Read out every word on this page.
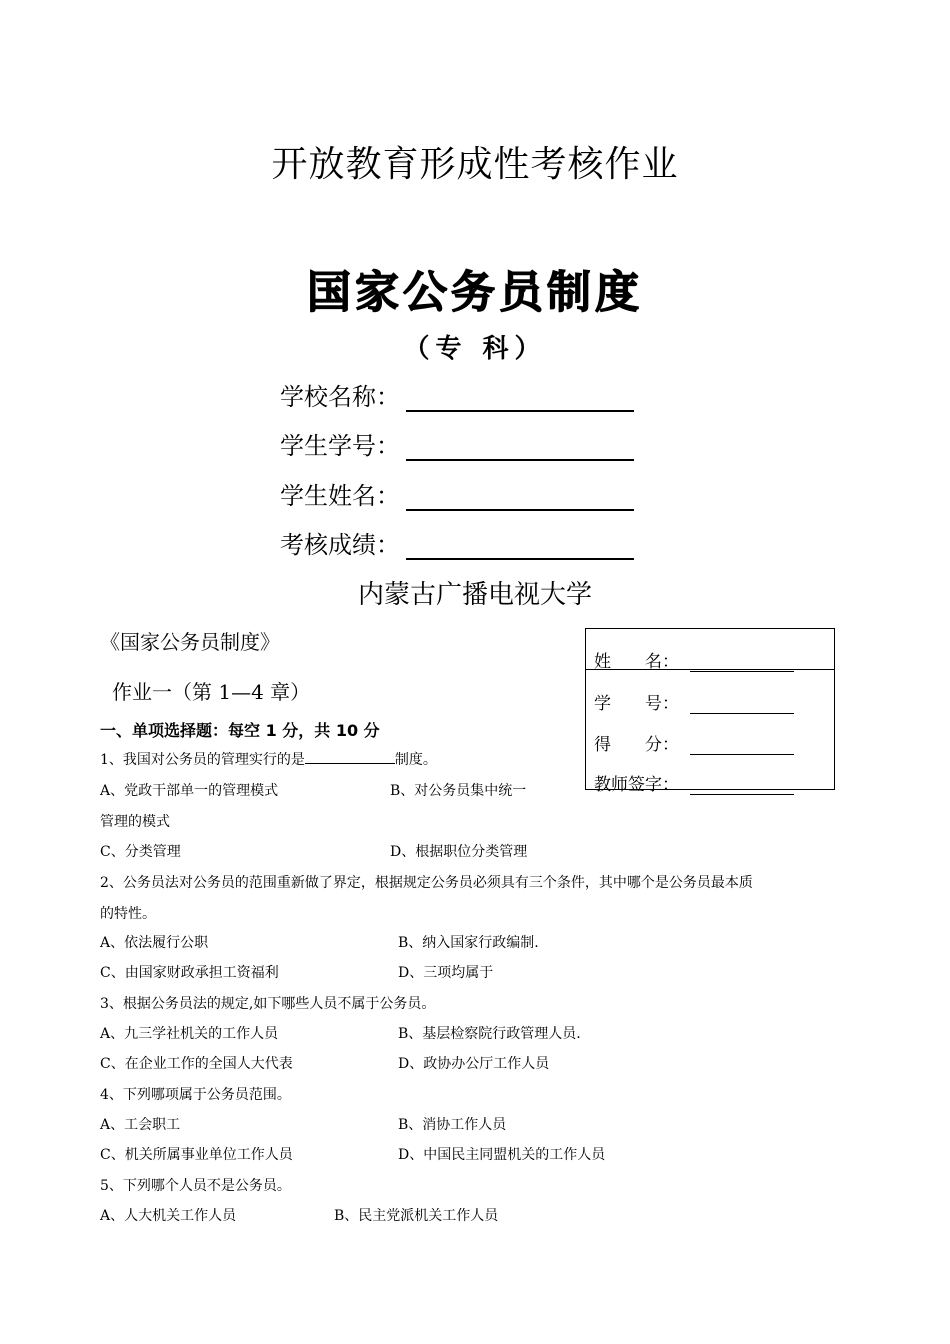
开放教育形成性考核作业
国家公务员制度
（专 科）
学校名称：
学生学号：
学生姓名：
考核成绩：
内蒙古广播电视大学
《国家公务员制度》
作业一（第 1—4 章）
姓　　名：
学　　号：
得　　分：
教师签字：
一、单项选择题：每空 1 分，共 10 分
1、我国对公务员的管理实行的是	制度。
A、党政干部单一的管理模式	B、对公务员集中统一
管理的模式
C、分类管理	D、根据职位分类管理
2、公务员法对公务员的范围重新做了界定，根据规定公务员必须具有三个条件，其中哪个是公务员最本质
的特性。
A、依法履行公职	B、纳入国家行政编制.
C、由国家财政承担工资福利	D、三项均属于
3、根据公务员法的规定,如下哪些人员不属于公务员。
A、九三学社机关的工作人员	B、基层检察院行政管理人员.
C、在企业工作的全国人大代表	D、政协办公厅工作人员
4、下列哪项属于公务员范围。
A、工会职工	B、消协工作人员
C、机关所属事业单位工作人员	D、中国民主同盟机关的工作人员
5、下列哪个人员不是公务员。
A、人大机关工作人员	B、民主党派机关工作人员
